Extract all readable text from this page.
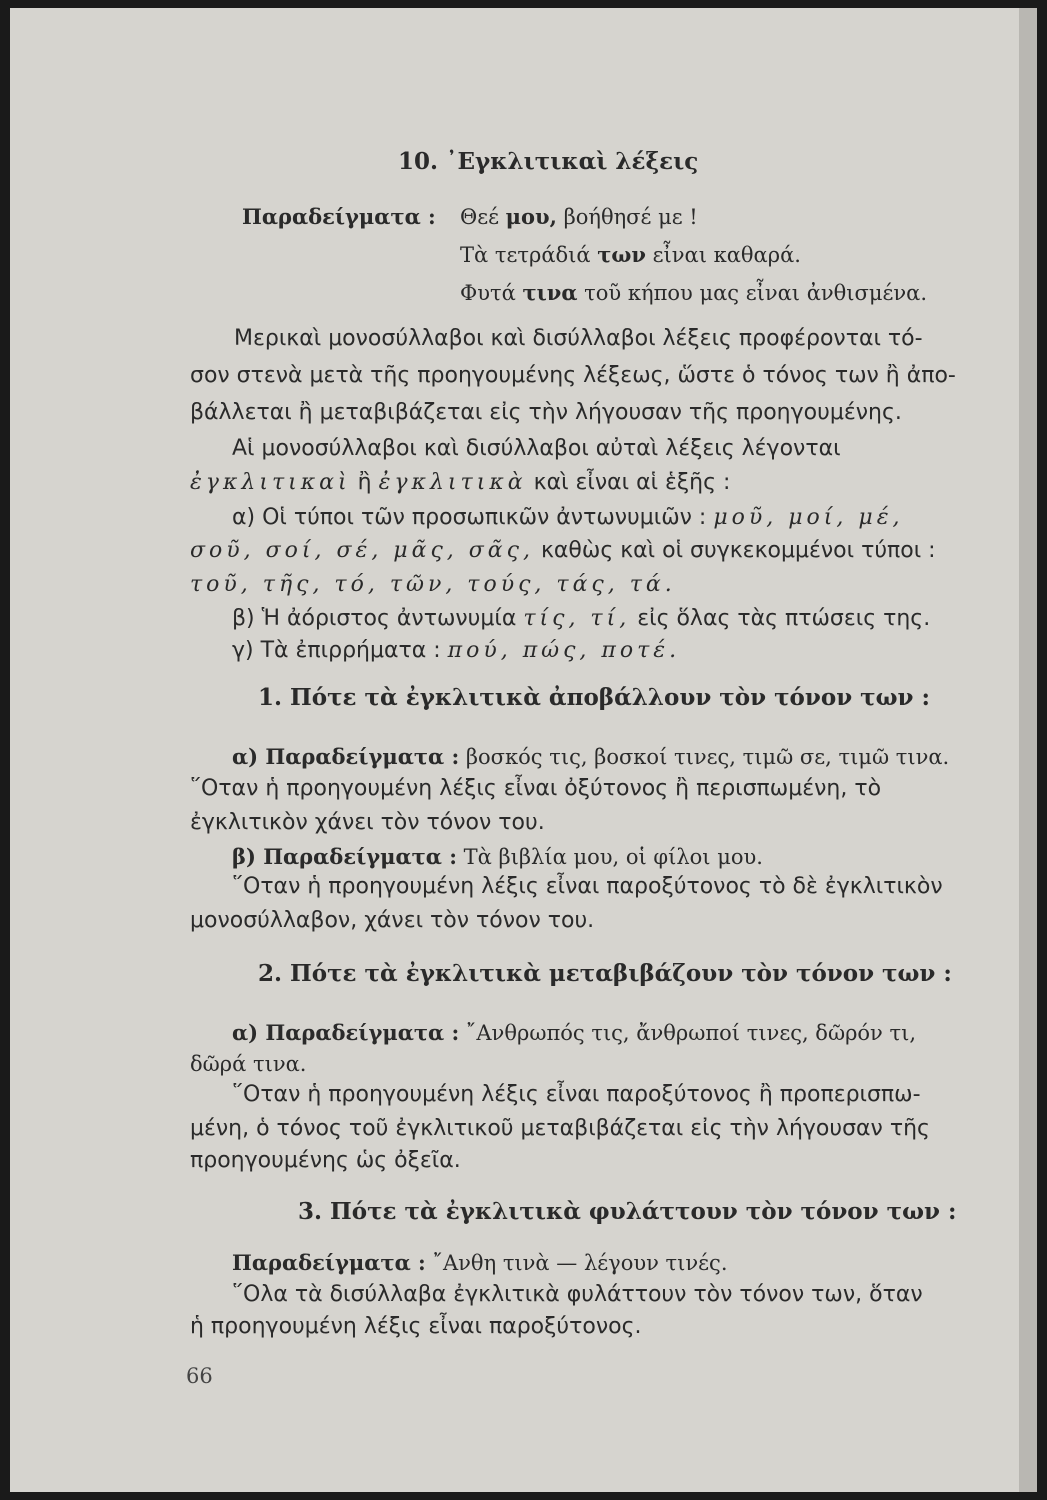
10. ᾿Εγκλιτικαὶ λέξεις
Παραδείγματα : Θεέ μου, βοήθησέ με !
Τὰ τετράδιά των εἶναι καθαρά.
Φυτά τινα τοῦ κήπου μας εἶναι ἀνθισμένα.
Μερικαὶ μονοσύλλαβοι καὶ δισύλλαβοι λέξεις προφέρονται τό-
σον στενὰ μετὰ τῆς προηγουμένης λέξεως, ὥστε ὁ τόνος των ἢ ἀπο-
βάλλεται ἢ μεταβιβάζεται εἰς τὴν λήγουσαν τῆς προηγουμένης.
Αἱ μονοσύλλαβοι καὶ δισύλλαβοι αὐταὶ λέξεις λέγονται
ἐγκλιτικαὶ ἢ ἐγκλιτικὰ καὶ εἶναι αἱ ἑξῆς :
α) Οἱ τύποι τῶν προσωπικῶν ἀντωνυμιῶν : μοῦ, μοί, μέ,
σοῦ, σοί, σέ, μᾶς, σᾶς, καθὼς καὶ οἱ συγκεκομμένοι τύποι :
τοῦ, τῆς, τό, τῶν, τούς, τάς, τά.
β) Ἡ ἀόριστος ἀντωνυμία τίς, τί, εἰς ὅλας τὰς πτώσεις της.
γ) Τὰ ἐπιρρήματα : πού, πώς, ποτέ.
1. Πότε τὰ ἐγκλιτικὰ ἀποβάλλουν τὸν τόνον των :
α) Παραδείγματα : βοσκός τις, βοσκοί τινες, τιμῶ σε, τιμῶ τινα.
῞Οταν ἡ προηγουμένη λέξις εἶναι ὀξύτονος ἢ περισπωμένη, τὸ
ἐγκλιτικὸν χάνει τὸν τόνον του.
β) Παραδείγματα : Τὰ βιβλία μου, οἱ φίλοι μου.
῞Οταν ἡ προηγουμένη λέξις εἶναι παροξύτονος τὸ δὲ ἐγκλιτικὸν
μονοσύλλαβον, χάνει τὸν τόνον του.
2. Πότε τὰ ἐγκλιτικὰ μεταβιβάζουν τὸν τόνον των :
α) Παραδείγματα : ῎Ανθρωπός τις, ἄνθρωποί τινες, δῶρόν τι,
δῶρά τινα.
῞Οταν ἡ προηγουμένη λέξις εἶναι παροξύτονος ἢ προπερισπω-
μένη, ὁ τόνος τοῦ ἐγκλιτικοῦ μεταβιβάζεται εἰς τὴν λήγουσαν τῆς
προηγουμένης ὡς ὀξεῖα.
3. Πότε τὰ ἐγκλιτικὰ φυλάττουν τὸν τόνον των :
Παραδείγματα : ῎Ανθη τινὰ — λέγουν τινές.
῞Ολα τὰ δισύλλαβα ἐγκλιτικὰ φυλάττουν τὸν τόνον των, ὅταν
ἡ προηγουμένη λέξις εἶναι παροξύτονος.
66
